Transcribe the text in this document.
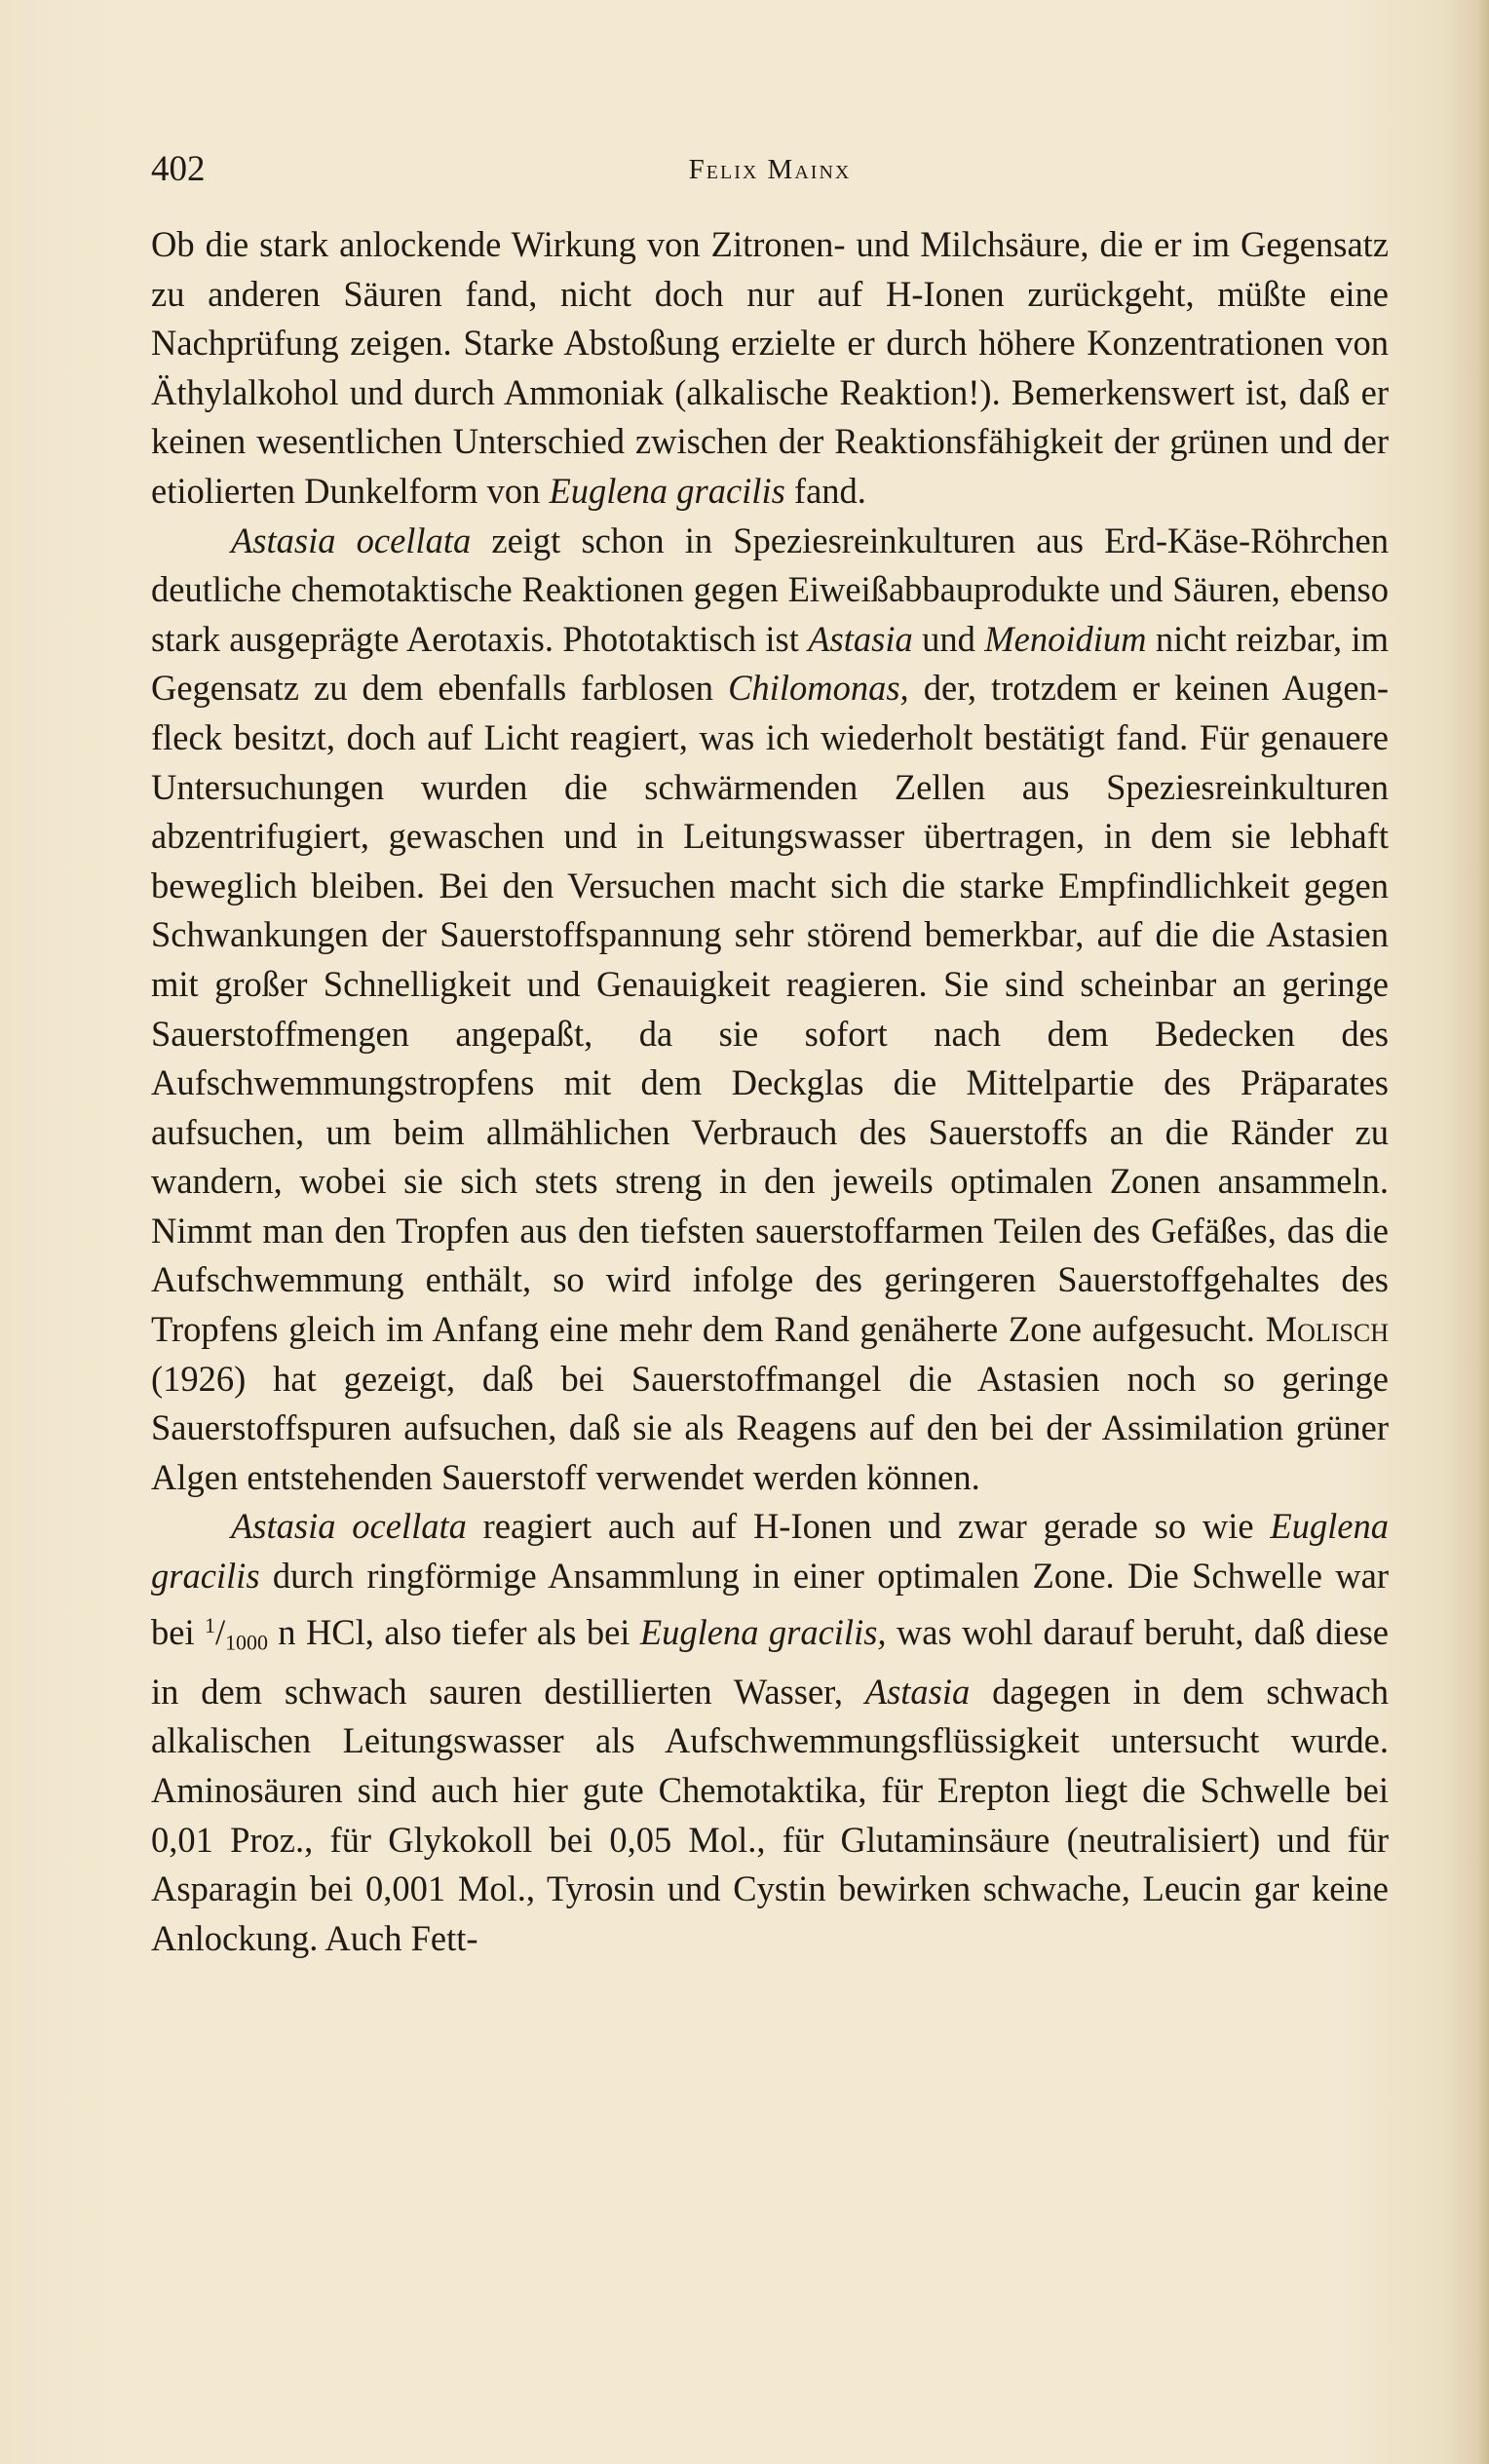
402	Felix Mainx

Ob die stark anlockende Wirkung von Zitronen- und Milchsäure, die er im Gegensatz zu anderen Säuren fand, nicht doch nur auf H-Ionen zurückgeht, müßte eine Nachprüfung zeigen. Starke Abstoßung erzielte er durch höhere Konzentrationen von Äthylalkohol und durch Ammoniak (alkalische Reaktion!). Bemerkenswert ist, daß er keinen wesentlichen Unterschied zwischen der Reaktionsfähigkeit der grünen und der etiolierten Dunkelform von Euglena gracilis fand.

Astasia ocellata zeigt schon in Speziesreinkulturen aus Erd-Käse-Röhrchen deutliche chemotaktische Reaktionen gegen Eiweißabbauprodukte und Säuren, ebenso stark ausgeprägte Aerotaxis. Phototaktisch ist Astasia und Menoidium nicht reizbar, im Gegensatz zu dem ebenfalls farblosen Chilomonas, der, trotzdem er keinen Augenfleck besitzt, doch auf Licht reagiert, was ich wiederholt bestätigt fand. Für genauere Untersuchungen wurden die schwärmenden Zellen aus Speziesreinkulturen abzentrifugiert, gewaschen und in Leitungswasser übertragen, in dem sie lebhaft beweglich bleiben. Bei den Versuchen macht sich die starke Empfindlichkeit gegen Schwankungen der Sauerstoffspannung sehr störend bemerkbar, auf die die Astasien mit großer Schnelligkeit und Genauigkeit reagieren. Sie sind scheinbar an geringe Sauerstoffmengen angepaßt, da sie sofort nach dem Bedecken des Aufschwemmungstropfens mit dem Deckglas die Mittelpartie des Präparates aufsuchen, um beim allmählichen Verbrauch des Sauerstoffs an die Ränder zu wandern, wobei sie sich stets streng in den jeweils optimalen Zonen ansammeln. Nimmt man den Tropfen aus den tiefsten sauerstoffarmen Teilen des Gefäßes, das die Aufschwemmung enthält, so wird infolge des geringeren Sauerstoffgehaltes des Tropfens gleich im Anfang eine mehr dem Rand genäherte Zone aufgesucht. Molisch (1926) hat gezeigt, daß bei Sauerstoffmangel die Astasien noch so geringe Sauerstoffspuren aufsuchen, daß sie als Reagens auf den bei der Assimilation grüner Algen entstehenden Sauerstoff verwendet werden können.

Astasia ocellata reagiert auch auf H-Ionen und zwar gerade so wie Euglena gracilis durch ringförmige Ansammlung in einer optimalen Zone. Die Schwelle war bei $^1/_{1000}$ n HCl, also tiefer als bei Euglena gracilis, was wohl darauf beruht, daß diese in dem schwach sauren destillierten Wasser, Astasia dagegen in dem schwach alkalischen Leitungswasser als Aufschwemmungsflüssigkeit untersucht wurde. Aminosäuren sind auch hier gute Chemotaktika, für Erepton liegt die Schwelle bei 0,01 Proz., für Glykokoll bei 0,05 Mol., für Glutaminsäure (neutralisiert) und für Asparagin bei 0,001 Mol., Tyrosin und Cystin bewirken schwache, Leucin gar keine Anlockung. Auch Fett-
